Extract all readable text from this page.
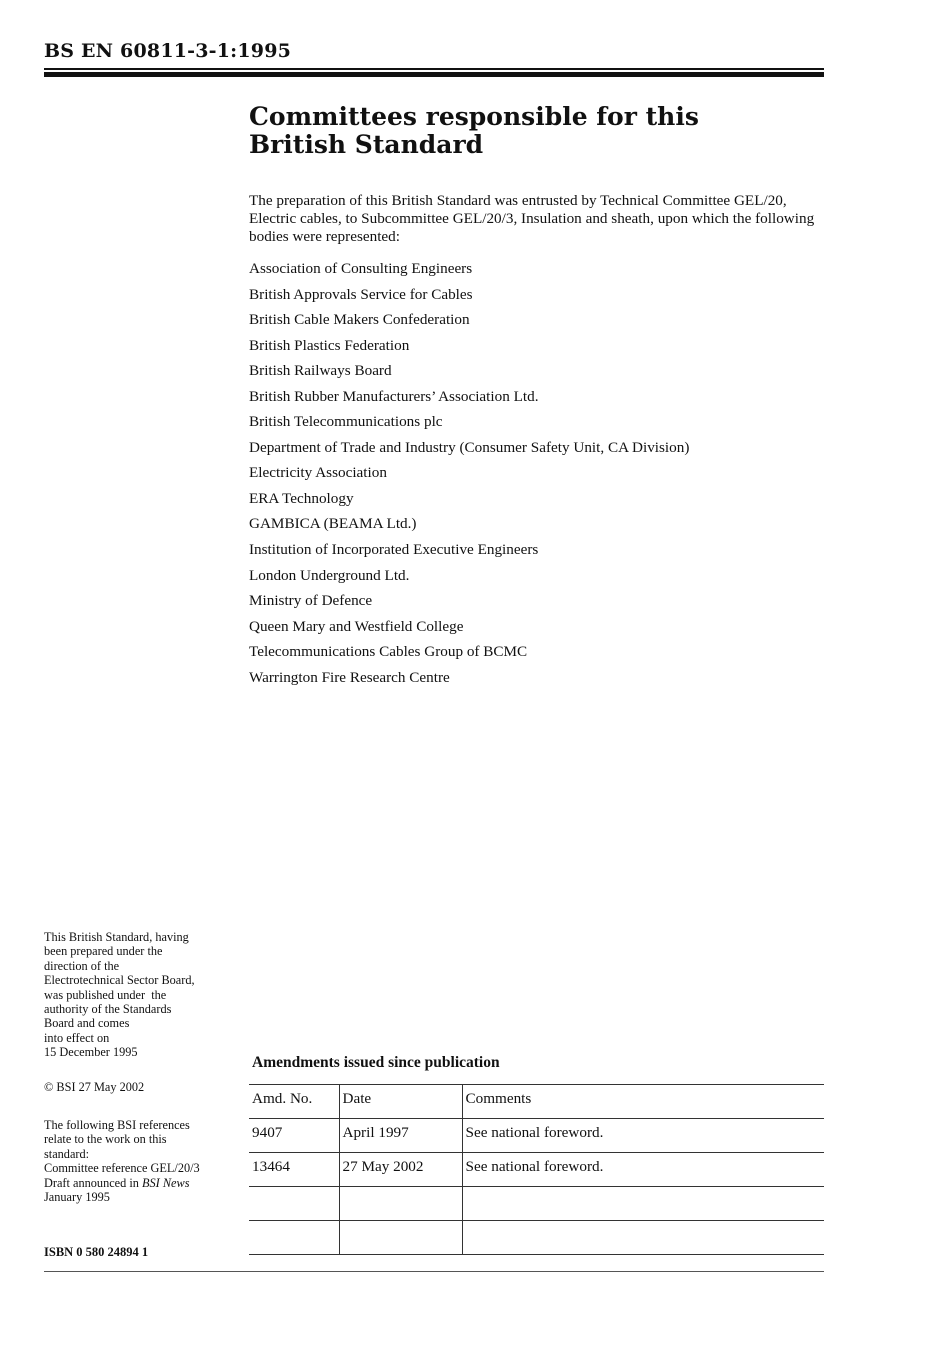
BS EN 60811-3-1:1995
Committees responsible for this
British Standard
The preparation of this British Standard was entrusted by Technical Committee GEL/20, Electric cables, to Subcommittee GEL/20/3, Insulation and sheath, upon which the following bodies were represented:
Association of Consulting Engineers
British Approvals Service for Cables
British Cable Makers Confederation
British Plastics Federation
British Railways Board
British Rubber Manufacturers’ Association Ltd.
British Telecommunications plc
Department of Trade and Industry (Consumer Safety Unit, CA Division)
Electricity Association
ERA Technology
GAMBICA (BEAMA Ltd.)
Institution of Incorporated Executive Engineers
London Underground Ltd.
Ministry of Defence
Queen Mary and Westfield College
Telecommunications Cables Group of BCMC
Warrington Fire Research Centre
This British Standard, having
been prepared under the
direction of the
Electrotechnical Sector Board,
was published under  the
authority of the Standards
Board and comes
into effect on
15 December 1995
© BSI 27 May 2002
The following BSI references
relate to the work on this
standard:
Committee reference GEL/20/3
Draft announced in BSI News
January 1995
ISBN 0 580 24894 1
Amendments issued since publication
Amd. No.	Date	Comments
9407	April 1997	See national foreword.
13464	27 May 2002	See national foreword.
